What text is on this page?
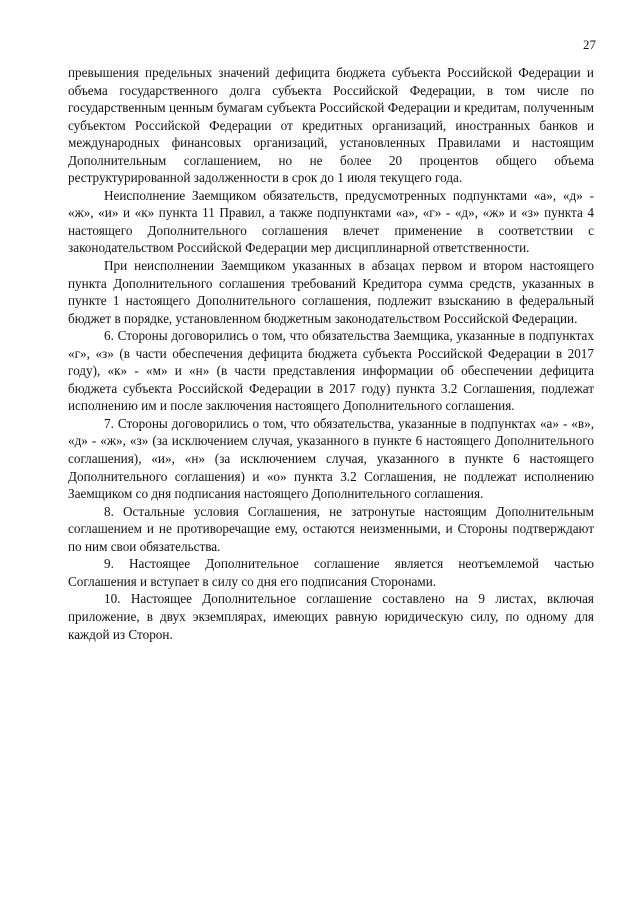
27

превышения предельных значений дефицита бюджета субъекта Российской Федерации и объема государственного долга субъекта Российской Федерации, в том числе по государственным ценным бумагам субъекта Российской Федерации и кредитам, полученным субъектом Российской Федерации от кредитных организаций, иностранных банков и международных финансовых организаций, установленных Правилами и настоящим Дополнительным соглашением, но не более 20 процентов общего объема реструктурированной задолженности в срок до 1 июля текущего года.

Неисполнение Заемщиком обязательств, предусмотренных подпунктами «а», «д» - «ж», «и» и «к» пункта 11 Правил, а также подпунктами «а», «г» - «д», «ж» и «з» пункта 4 настоящего Дополнительного соглашения влечет применение в соответствии с законодательством Российской Федерации мер дисциплинарной ответственности.

При неисполнении Заемщиком указанных в абзацах первом и втором настоящего пункта Дополнительного соглашения требований Кредитора сумма средств, указанных в пункте 1 настоящего Дополнительного соглашения, подлежит взысканию в федеральный бюджет в порядке, установленном бюджетным законодательством Российской Федерации.

6. Стороны договорились о том, что обязательства Заемщика, указанные в подпунктах «г», «з» (в части обеспечения дефицита бюджета субъекта Российской Федерации в 2017 году), «к» - «м» и «н» (в части представления информации об обеспечении дефицита бюджета субъекта Российской Федерации в 2017 году) пункта 3.2 Соглашения, подлежат исполнению им и после заключения настоящего Дополнительного соглашения.

7. Стороны договорились о том, что обязательства, указанные в подпунктах «а» - «в», «д» - «ж», «з» (за исключением случая, указанного в пункте 6 настоящего Дополнительного соглашения), «и», «н» (за исключением случая, указанного в пункте 6 настоящего Дополнительного соглашения) и «о» пункта 3.2 Соглашения, не подлежат исполнению Заемщиком со дня подписания настоящего Дополнительного соглашения.

8. Остальные условия Соглашения, не затронутые настоящим Дополнительным соглашением и не противоречащие ему, остаются неизменными, и Стороны подтверждают по ним свои обязательства.

9. Настоящее Дополнительное соглашение является неотъемлемой частью Соглашения и вступает в силу со дня его подписания Сторонами.

10. Настоящее Дополнительное соглашение составлено на 9 листах, включая приложение, в двух экземплярах, имеющих равную юридическую силу, по одному для каждой из Сторон.
